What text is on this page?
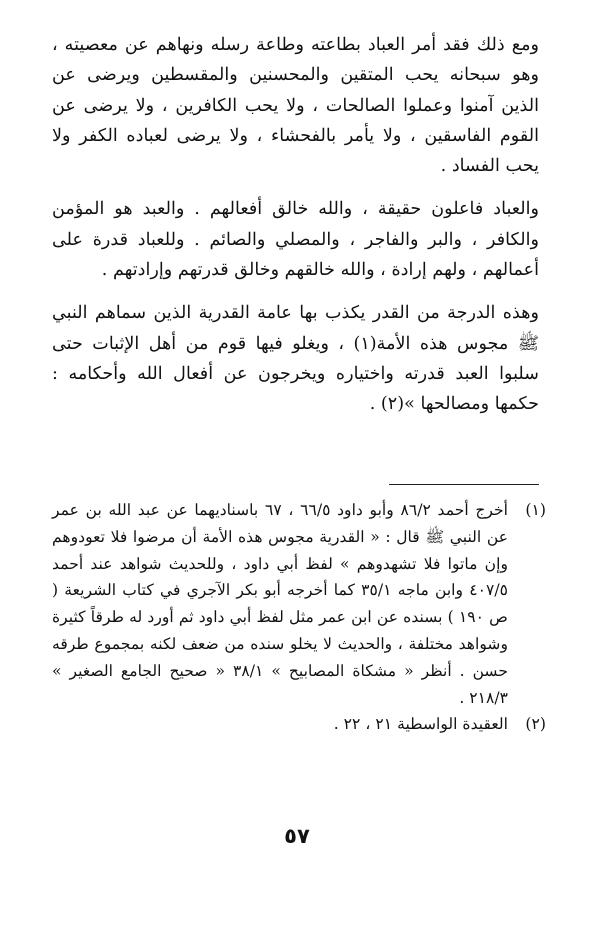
ومع ذلك فقد أمر العباد بطاعته وطاعة رسله ونهاهم عن معصيته ، وهو سبحانه يحب المتقين والمحسنين والمقسطين ويرضى عن الذين آمنوا وعملوا الصالحات ، ولا يحب الكافرين ، ولا يرضى عن القوم الفاسقين ، ولا يأمر بالفحشاء ، ولا يرضى لعباده الكفر ولا يحب الفساد .

والعباد فاعلون حقيقة ، والله خالق أفعالهم . والعبد هو المؤمن والكافر ، والبر والفاجر ، والمصلي والصائم . وللعباد قدرة على أعمالهم ، ولهم إرادة ، والله خالقهم وخالق قدرتهم وإرادتهم .

وهذه الدرجة من القدر يكذب بها عامة القدرية الذين سماهم النبي ﷺ مجوس هذه الأمة(١) ، ويغلو فيها قوم من أهل الإثبات حتى سلبوا العبد قدرته واختياره ويخرجون عن أفعال الله وأحكامه : حكمها ومصالحها »(٢) .

(١)
أخرج أحمد ٨٦/٢ وأبو داود ٦٦/٥ ، ٦٧ باسناديهما عن عبد الله بن عمر عن النبي ﷺ قال : « القدرية مجوس هذه الأمة أن مرضوا فلا تعودوهم وإن ماتوا فلا تشهدوهم » لفظ أبي داود ، وللحديث شواهد عند أحمد ٤٠٧/٥ وابن ماجه ٣٥/١ كما أخرجه أبو بكر الآجري في كتاب الشريعة ( ص ١٩٠ ) بسنده عن ابن عمر مثل لفظ أبي داود ثم أورد له طرقاً كثيرة وشواهد مختلفة ، والحديث لا يخلو سنده من ضعف لكنه بمجموع طرقه حسن . أنظر « مشكاة المصابيح » ٣٨/١ « صحيح الجامع الصغير » ٢١٨/٣ .
(٢)
العقيدة الواسطية ٢١ ، ٢٢ .
٥٧
